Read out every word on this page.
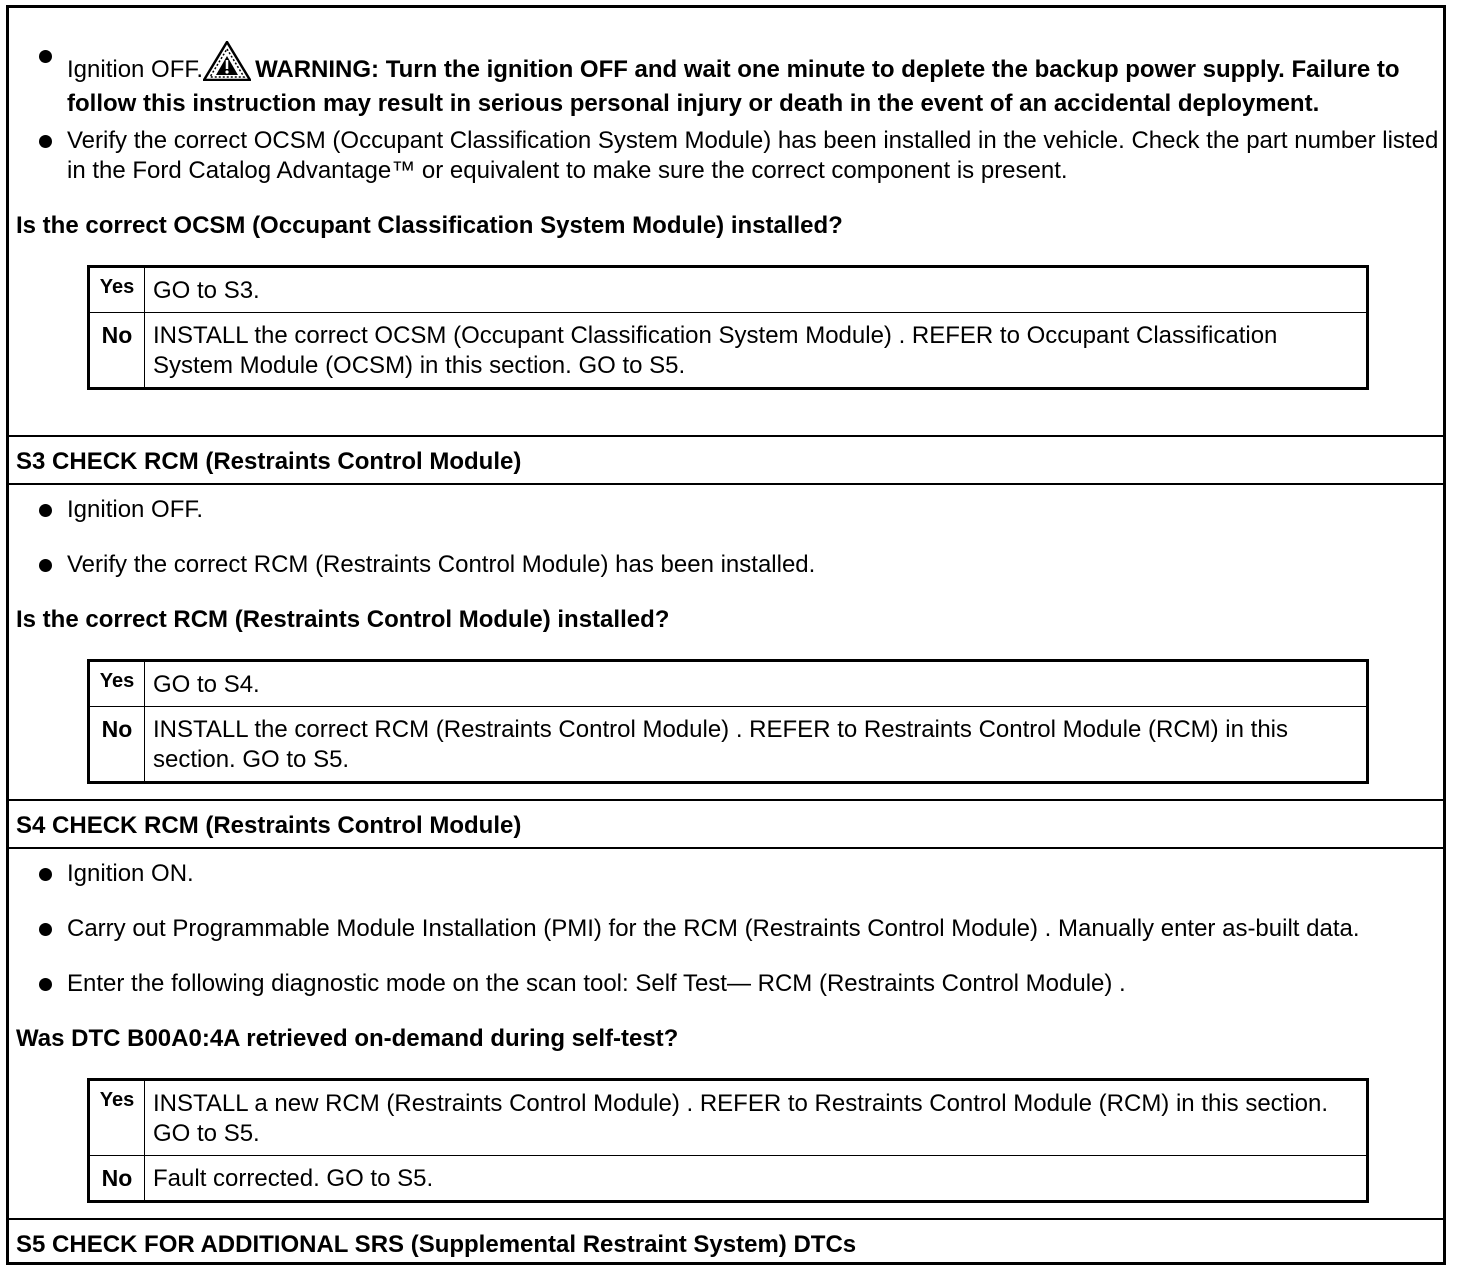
Ignition OFF. WARNING: Turn the ignition OFF and wait one minute to deplete the backup power supply. Failure to follow this instruction may result in serious personal injury or death in the event of an accidental deployment.
Verify the correct OCSM (Occupant Classification System Module) has been installed in the vehicle. Check the part number listed in the Ford Catalog Advantage™ or equivalent to make sure the correct component is present.
Is the correct OCSM (Occupant Classification System Module) installed?
Yes	GO to S3.
No	INSTALL the correct OCSM (Occupant Classification System Module) . REFER to Occupant Classification System Module (OCSM) in this section. GO to S5.
S3 CHECK RCM (Restraints Control Module)
Ignition OFF.
Verify the correct RCM (Restraints Control Module) has been installed.
Is the correct RCM (Restraints Control Module) installed?
Yes	GO to S4.
No	INSTALL the correct RCM (Restraints Control Module) . REFER to Restraints Control Module (RCM) in this section. GO to S5.
S4 CHECK RCM (Restraints Control Module)
Ignition ON.
Carry out Programmable Module Installation (PMI) for the RCM (Restraints Control Module) . Manually enter as-built data.
Enter the following diagnostic mode on the scan tool: Self Test— RCM (Restraints Control Module) .
Was DTC B00A0:4A retrieved on-demand during self-test?
Yes	INSTALL a new RCM (Restraints Control Module) . REFER to Restraints Control Module (RCM) in this section. GO to S5.
No	Fault corrected. GO to S5.
S5 CHECK FOR ADDITIONAL SRS (Supplemental Restraint System) DTCs
